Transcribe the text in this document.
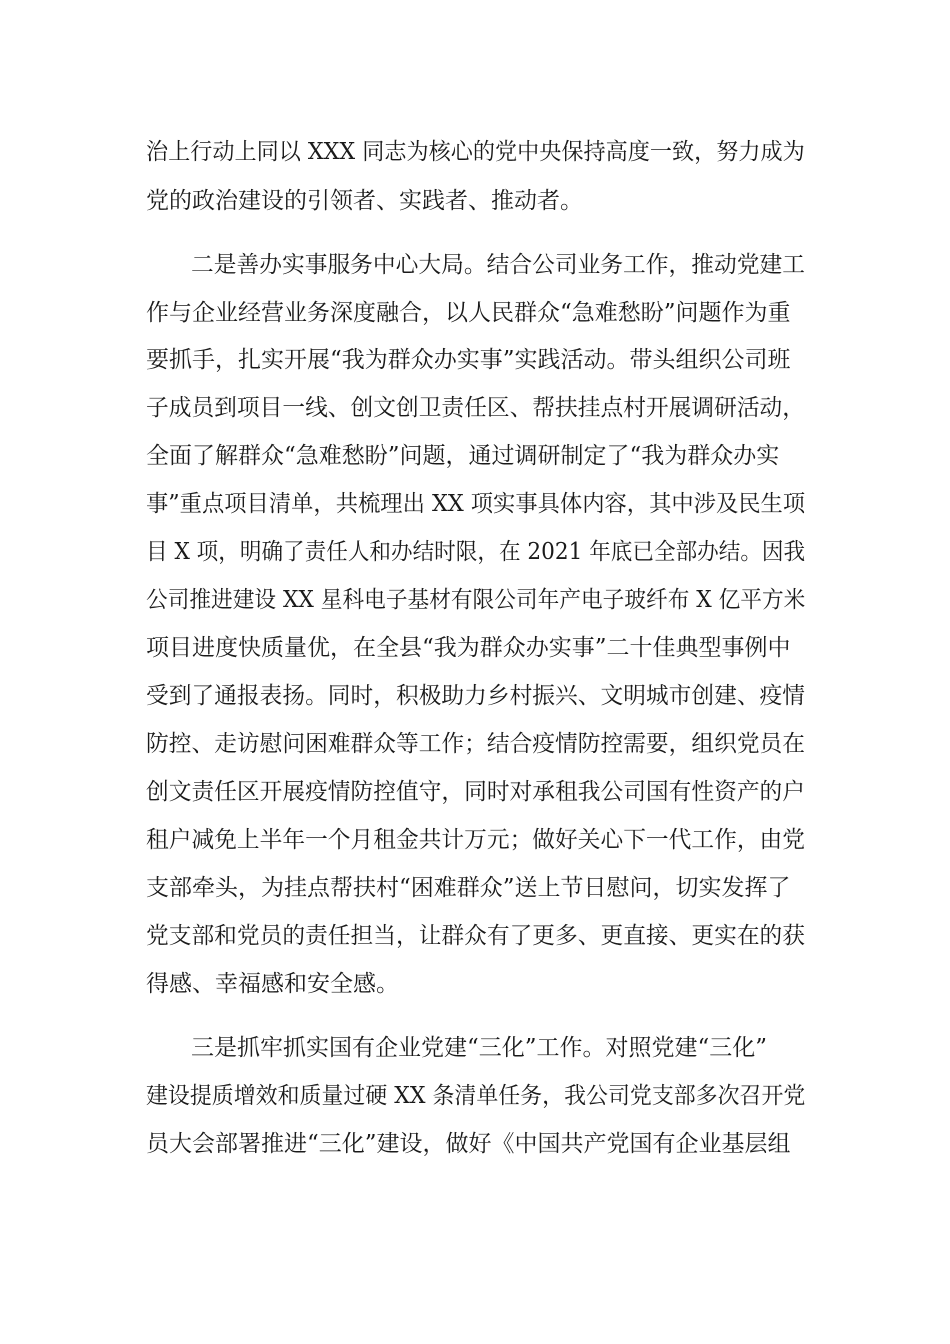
治上行动上同以 XXX 同志为核心的党中央保持高度一致，努力成为
党的政治建设的引领者、实践者、推动者。
二是善办实事服务中心大局。结合公司业务工作，推动党建工
作与企业经营业务深度融合，以人民群众“急难愁盼”问题作为重
要抓手，扎实开展“我为群众办实事”实践活动。带头组织公司班
子成员到项目一线、创文创卫责任区、帮扶挂点村开展调研活动，
全面了解群众“急难愁盼”问题，通过调研制定了“我为群众办实
事”重点项目清单，共梳理出 XX 项实事具体内容，其中涉及民生项
目 X 项，明确了责任人和办结时限，在 2021 年底已全部办结。因我
公司推进建设 XX 星科电子基材有限公司年产电子玻纤布 X 亿平方米
项目进度快质量优，在全县“我为群众办实事”二十佳典型事例中
受到了通报表扬。同时，积极助力乡村振兴、文明城市创建、疫情
防控、走访慰问困难群众等工作；结合疫情防控需要，组织党员在
创文责任区开展疫情防控值守，同时对承租我公司国有性资产的户
租户减免上半年一个月租金共计万元；做好关心下一代工作，由党
支部牵头，为挂点帮扶村“困难群众”送上节日慰问，切实发挥了
党支部和党员的责任担当，让群众有了更多、更直接、更实在的获
得感、幸福感和安全感。
三是抓牢抓实国有企业党建“三化”工作。对照党建“三化”
建设提质增效和质量过硬 XX 条清单任务，我公司党支部多次召开党
员大会部署推进“三化”建设，做好《中国共产党国有企业基层组
